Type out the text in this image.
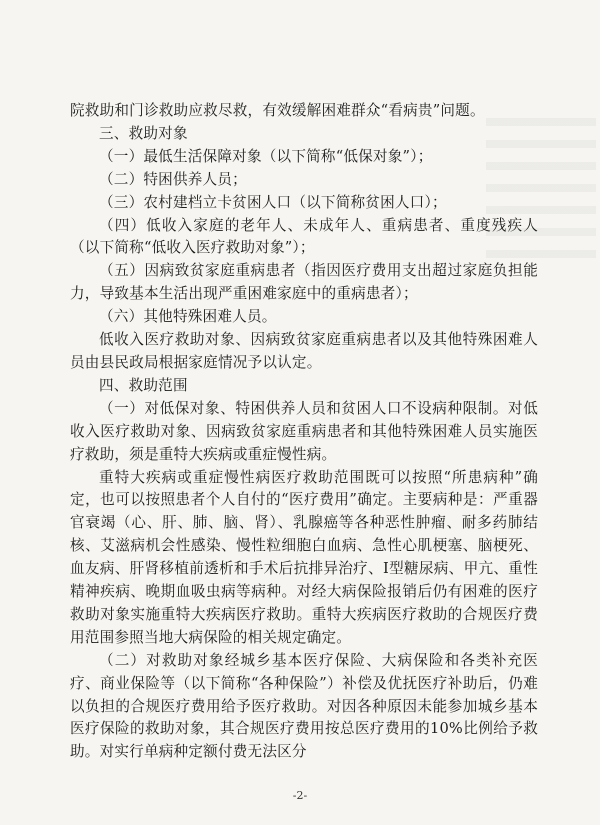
院救助和门诊救助应救尽救，有效缓解困难群众“看病贵”问题。

三、救助对象

（一）最低生活保障对象（以下简称“低保对象”）；

（二）特困供养人员；

（三）农村建档立卡贫困人口（以下简称贫困人口）；

（四）低收入家庭的老年人、未成年人、重病患者、重度残疾人（以下简称“低收入医疗救助对象”）；

（五）因病致贫家庭重病患者（指因医疗费用支出超过家庭负担能力，导致基本生活出现严重困难家庭中的重病患者）；

（六）其他特殊困难人员。

低收入医疗救助对象、因病致贫家庭重病患者以及其他特殊困难人员由县民政局根据家庭情况予以认定。

四、救助范围

（一）对低保对象、特困供养人员和贫困人口不设病种限制。对低收入医疗救助对象、因病致贫家庭重病患者和其他特殊困难人员实施医疗救助，须是重特大疾病或重症慢性病。

重特大疾病或重症慢性病医疗救助范围既可以按照“所患病种”确定，也可以按照患者个人自付的“医疗费用”确定。主要病种是：严重器官衰竭（心、肝、肺、脑、肾）、乳腺癌等各种恶性肿瘤、耐多药肺结核、艾滋病机会性感染、慢性粒细胞白血病、急性心肌梗塞、脑梗死、血友病、肝肾移植前透析和手术后抗排异治疗、I型糖尿病、甲亢、重性精神疾病、晚期血吸虫病等病种。对经大病保险报销后仍有困难的医疗救助对象实施重特大疾病医疗救助。重特大疾病医疗救助的合规医疗费用范围参照当地大病保险的相关规定确定。

（二）对救助对象经城乡基本医疗保险、大病保险和各类补充医疗、商业保险等（以下简称“各种保险”）补偿及优抚医疗补助后，仍难以负担的合规医疗费用给予医疗救助。对因各种原因未能参加城乡基本医疗保险的救助对象，其合规医疗费用按总医疗费用的10%比例给予救助。对实行单病种定额付费无法区分

-2-
